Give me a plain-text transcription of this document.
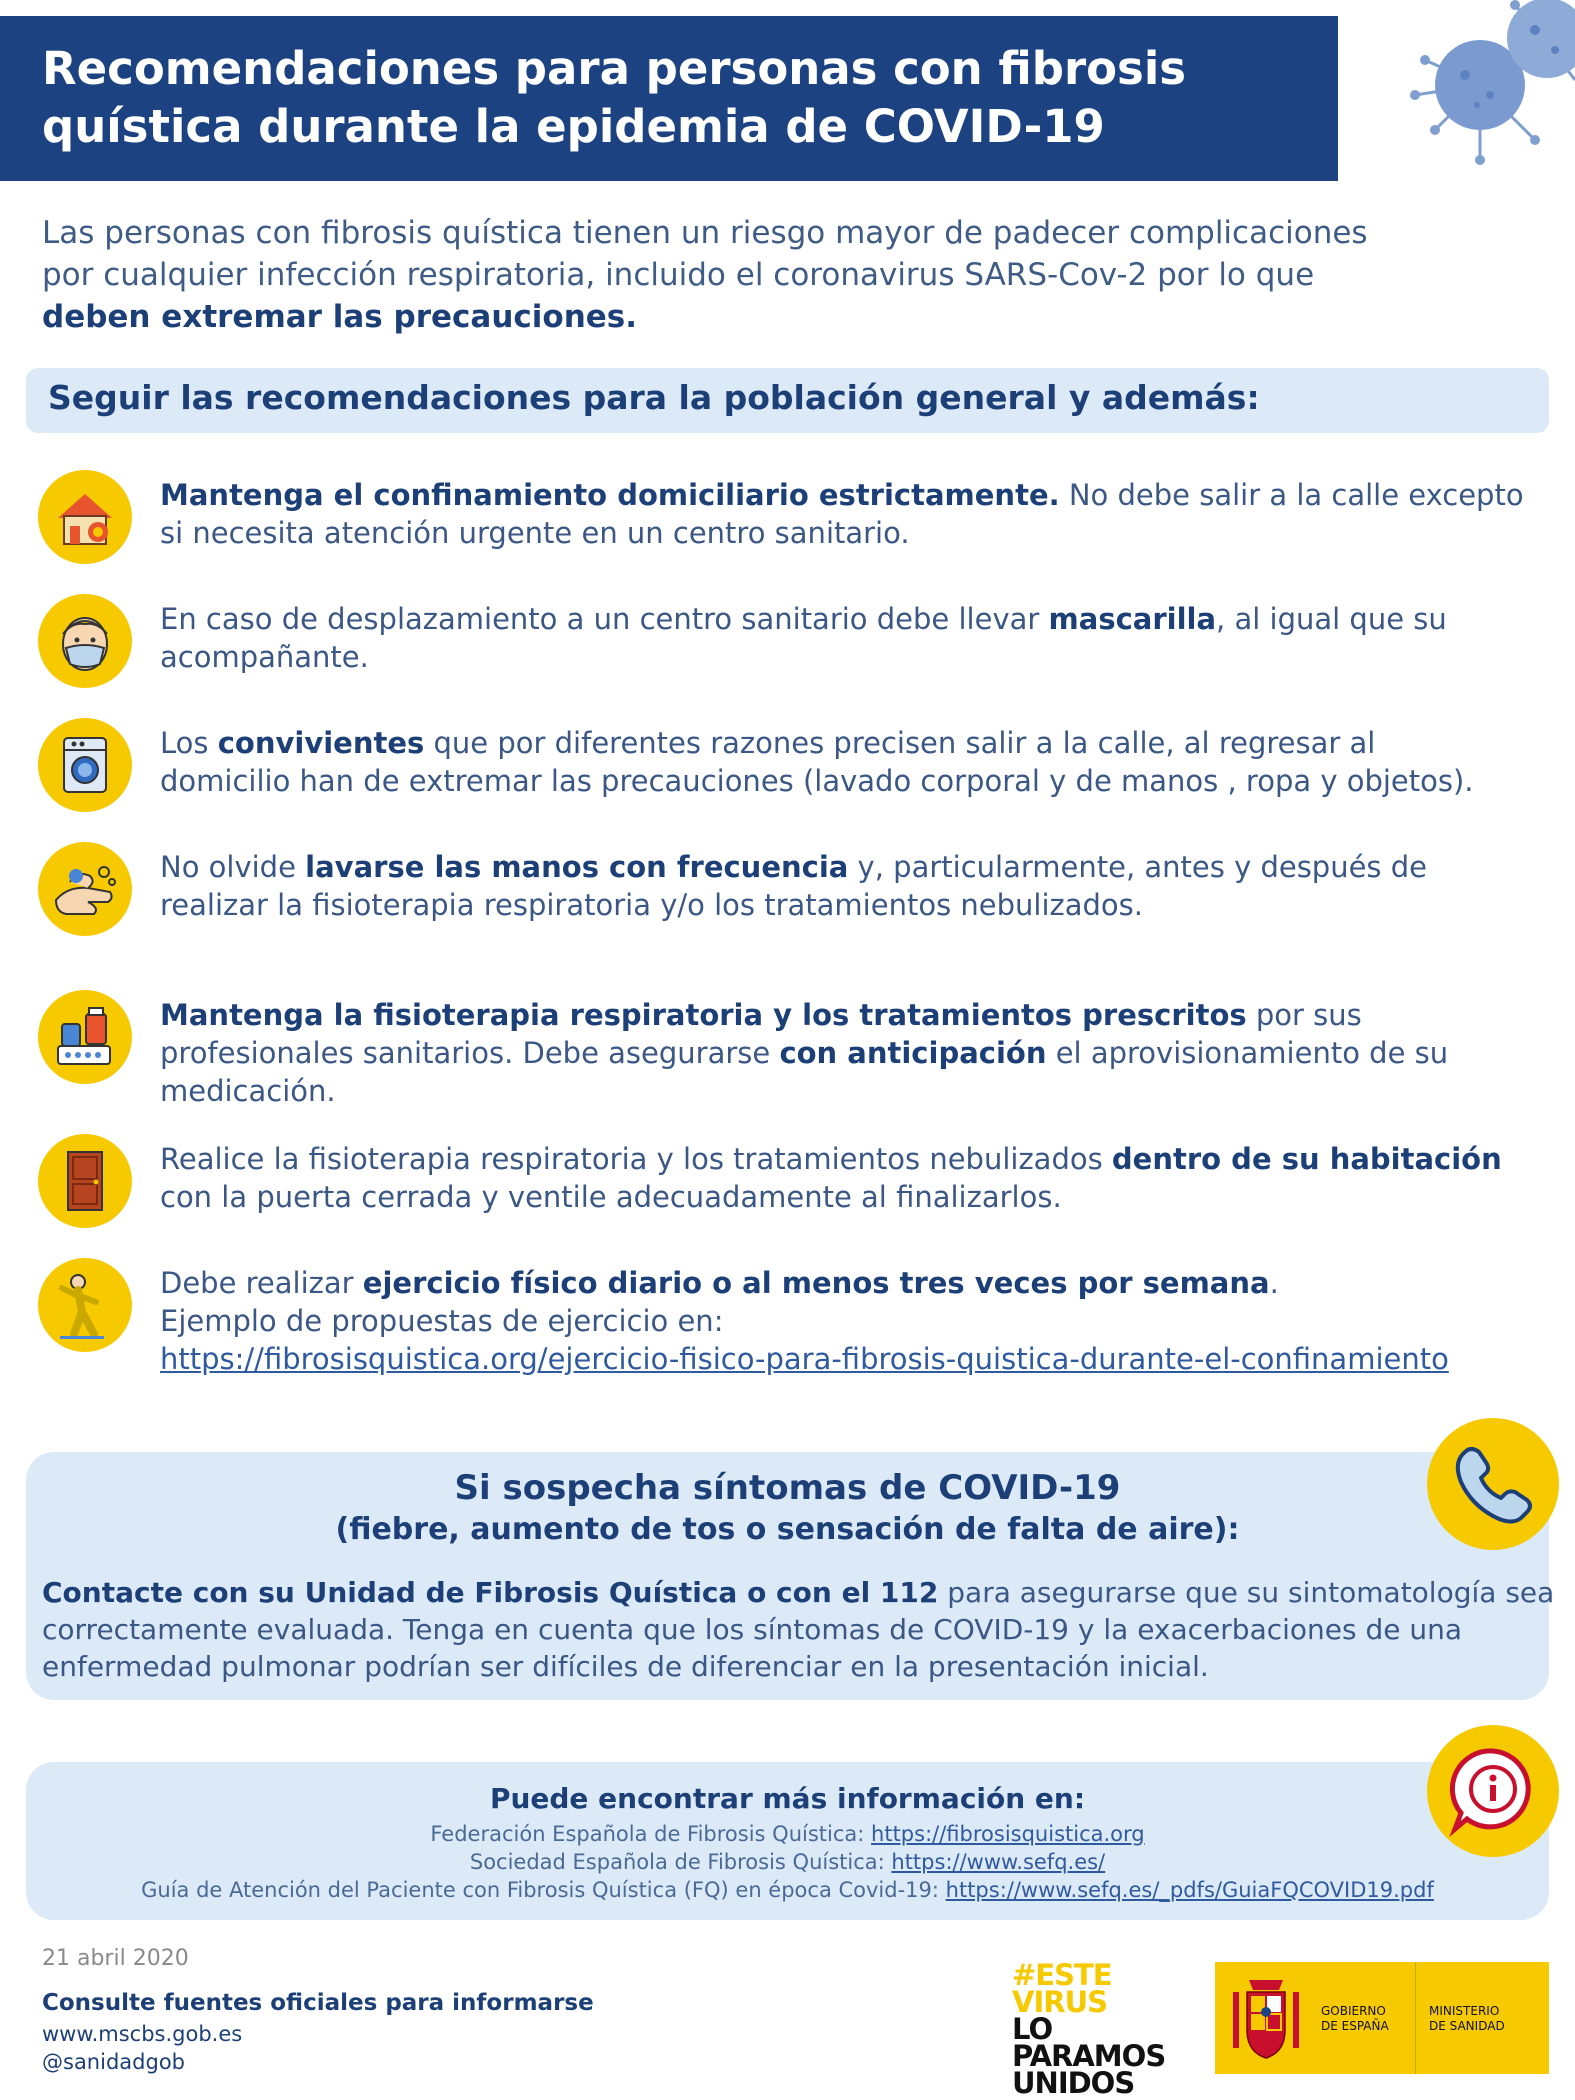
Recomendaciones para personas con fibrosis
quística durante la epidemia de COVID-19
Las personas con fibrosis quística tienen un riesgo mayor de padecer complicaciones
por cualquier infección respiratoria, incluido el coronavirus SARS-Cov-2 por lo que
deben extremar las precauciones.
Seguir las recomendaciones para la población general y además:
Mantenga el confinamiento domiciliario estrictamente. No debe salir a la calle excepto
si necesita atención urgente en un centro sanitario.
En caso de desplazamiento a un centro sanitario debe llevar mascarilla, al igual que su
acompañante.
Los convivientes que por diferentes razones precisen salir a la calle, al regresar al
domicilio han de extremar las precauciones (lavado corporal y de manos , ropa y objetos).
No olvide lavarse las manos con frecuencia y, particularmente, antes y después de
realizar la fisioterapia respiratoria y/o los tratamientos nebulizados.
Mantenga la fisioterapia respiratoria y los tratamientos prescritos por sus
profesionales sanitarios. Debe asegurarse con anticipación el aprovisionamiento de su
medicación.
Realice la fisioterapia respiratoria y los tratamientos nebulizados dentro de su habitación
con la puerta cerrada y ventile adecuadamente al finalizarlos.
Debe realizar ejercicio físico diario o al menos tres veces por semana.
Ejemplo de propuestas de ejercicio en:
https://fibrosisquistica.org/ejercicio-fisico-para-fibrosis-quistica-durante-el-confinamiento
Si sospecha síntomas de COVID-19
(fiebre, aumento de tos o sensación de falta de aire):
Contacte con su Unidad de Fibrosis Quística o con el 112 para asegurarse que su sintomatología sea
correctamente evaluada. Tenga en cuenta que los síntomas de COVID-19 y la exacerbaciones de una
enfermedad pulmonar podrían ser difíciles de diferenciar en la presentación inicial.
Puede encontrar más información en:
Federación Española de Fibrosis Quística: https://fibrosisquistica.org
Sociedad Española de Fibrosis Quística: https://www.sefq.es/
Guía de Atención del Paciente con Fibrosis Quística (FQ) en época Covid-19: https://www.sefq.es/_pdfs/GuiaFQCOVID19.pdf
21 abril 2020
Consulte fuentes oficiales para informarse
www.mscbs.gob.es
@sanidadgob
#ESTE
VIRUS
LO
PARAMOS
UNIDOS
GOBIERNO
DE ESPAÑA
MINISTERIO
DE SANIDAD
